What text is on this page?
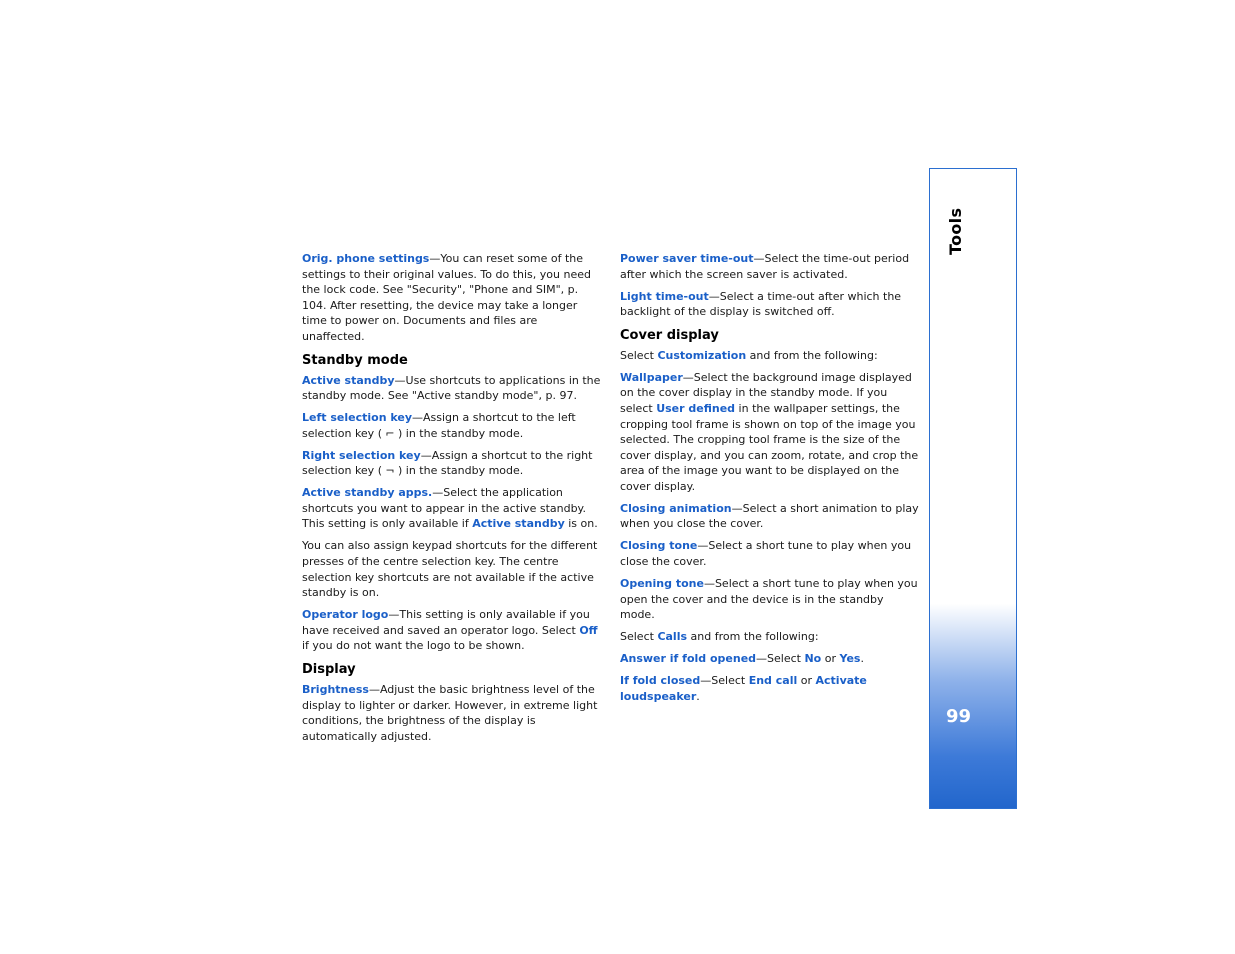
Orig. phone settings—You can reset some of the settings to their original values. To do this, you need the lock code. See "Security", "Phone and SIM", p. 104. After resetting, the device may take a longer time to power on. Documents and files are unaffected.

Standby mode

Active standby—Use shortcuts to applications in the standby mode. See "Active standby mode", p. 97.

Left selection key—Assign a shortcut to the left selection key ( ⌐ ) in the standby mode.

Right selection key—Assign a shortcut to the right selection key ( ¬ ) in the standby mode.

Active standby apps.—Select the application shortcuts you want to appear in the active standby. This setting is only available if Active standby is on.

You can also assign keypad shortcuts for the different presses of the centre selection key. The centre selection key shortcuts are not available if the active standby is on.

Operator logo—This setting is only available if you have received and saved an operator logo. Select Off if you do not want the logo to be shown.

Display

Brightness—Adjust the basic brightness level of the display to lighter or darker. However, in extreme light conditions, the brightness of the display is automatically adjusted.

Power saver time-out—Select the time-out period after which the screen saver is activated.

Light time-out—Select a time-out after which the backlight of the display is switched off.

Cover display

Select Customization and from the following:

Wallpaper—Select the background image displayed on the cover display in the standby mode. If you select User defined in the wallpaper settings, the cropping tool frame is shown on top of the image you selected. The cropping tool frame is the size of the cover display, and you can zoom, rotate, and crop the area of the image you want to be displayed on the cover display.

Closing animation—Select a short animation to play when you close the cover.

Closing tone—Select a short tune to play when you close the cover.

Opening tone—Select a short tune to play when you open the cover and the device is in the standby mode.

Select Calls and from the following:

Answer if fold opened—Select No or Yes.

If fold closed—Select End call or Activate loudspeaker.

Tools
99
